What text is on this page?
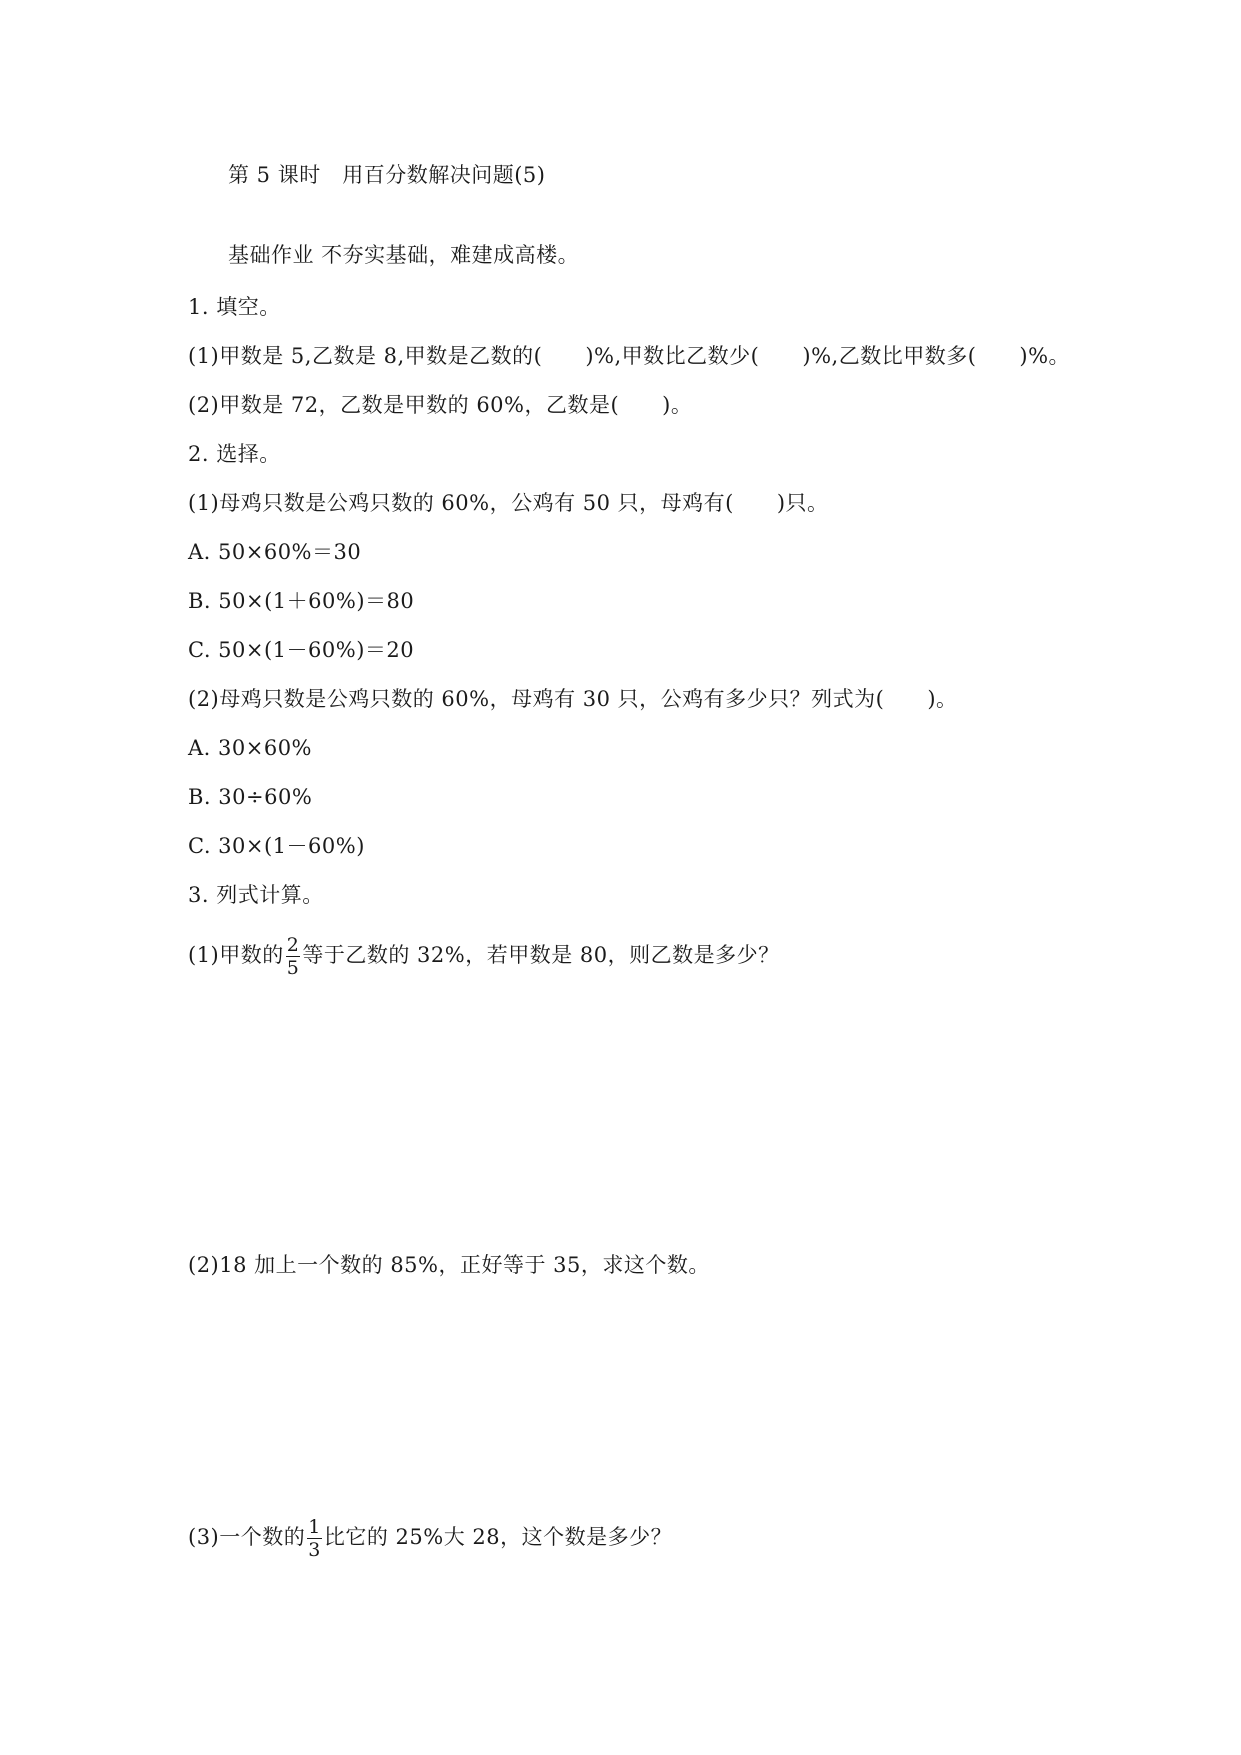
第 5 课时　用百分数解决问题(5)
基础作业 不夯实基础，难建成高楼。
1. 填空。
(1)甲数是 5,乙数是 8,甲数是乙数的(　　)%,甲数比乙数少(　　)%,乙数比甲数多(　　)%。
(2)甲数是 72，乙数是甲数的 60%，乙数是(　　)。
2. 选择。
(1)母鸡只数是公鸡只数的 60%，公鸡有 50 只，母鸡有(　　)只。
A. 50×60%＝30
B. 50×(1＋60%)＝80
C. 50×(1－60%)＝20
(2)母鸡只数是公鸡只数的 60%，母鸡有 30 只，公鸡有多少只？列式为(　　)。
A. 30×60%
B. 30÷60%
C. 30×(1－60%)
3. 列式计算。
(1)甲数的 $\frac{2}{5}$ 等于乙数的 32%，若甲数是 80，则乙数是多少？
(2)18 加上一个数的 85%，正好等于 35，求这个数。
(3)一个数的 $\frac{1}{3}$ 比它的 25%大 28，这个数是多少？
